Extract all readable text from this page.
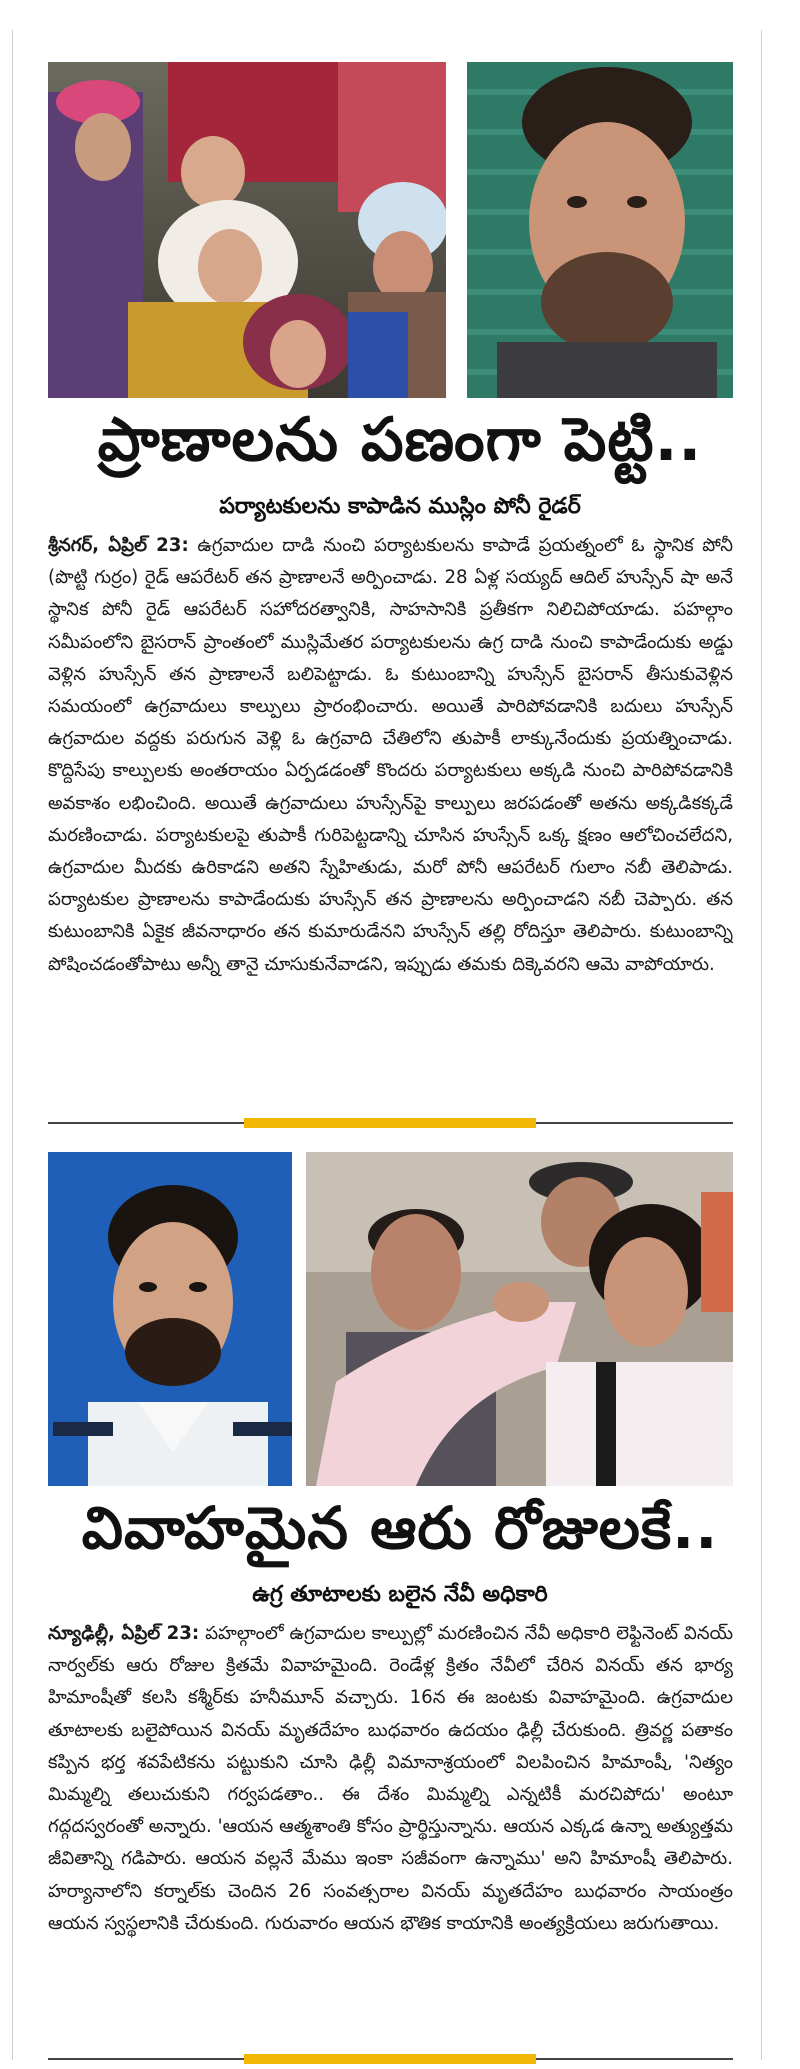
ప్రాణాలను పణంగా పెట్టి..
పర్యాటకులను కాపాడిన ముస్లిం పోనీ రైడర్
శ్రీనగర్, ఏప్రిల్ 23: ఉగ్రవాదుల దాడి నుంచి పర్యాటకులను కాపాడే ప్రయత్నంలో ఓ స్థానిక పోనీ (పొట్టి గుర్రం) రైడ్ ఆపరేటర్ తన ప్రాణాలనే అర్పించాడు. 28 ఏళ్ల సయ్యద్ ఆదిల్ హుస్సేన్ షా అనే స్థానిక పోనీ రైడ్ ఆపరేటర్ సహోదరత్వానికి, సాహసానికి ప్రతీకగా నిలిచిపోయాడు. పహల్గాం సమీపంలోని బైసరాన్ ప్రాంతంలో ముస్లిమేతర పర్యాటకులను ఉగ్ర దాడి నుంచి కాపాడేందుకు అడ్డు వెళ్లిన హుస్సేన్ తన ప్రాణాలనే బలిపెట్టాడు. ఓ కుటుంబాన్ని హుస్సేన్ బైసరాన్ తీసుకువెళ్లిన సమయంలో ఉగ్రవాదులు కాల్పులు ప్రారంభించారు. అయితే పారిపోవడానికి బదులు హుస్సేన్ ఉగ్రవాదుల వద్దకు పరుగున వెళ్లి ఓ ఉగ్రవాది చేతిలోని తుపాకీ లాక్కునేందుకు ప్రయత్నించాడు. కొద్దిసేపు కాల్పులకు అంతరాయం ఏర్పడడంతో కొందరు పర్యాటకులు అక్కడి నుంచి పారిపోవడానికి అవకాశం లభించింది. అయితే ఉగ్రవాదులు హుస్సేన్‌పై కాల్పులు జరపడంతో అతను అక్కడికక్కడే మరణించాడు. పర్యాటకులపై తుపాకీ గురిపెట్టడాన్ని చూసిన హుస్సేన్ ఒక్క క్షణం ఆలోచించలేదని, ఉగ్రవాదుల మీదకు ఉరికాడని అతని స్నేహితుడు, మరో పోనీ ఆపరేటర్ గులాం నబీ తెలిపాడు. పర్యాటకుల ప్రాణాలను కాపాడేందుకు హుస్సేన్ తన ప్రాణాలను అర్పించాడని నబీ చెప్పారు. తన కుటుంబానికి ఏకైక జీవనాధారం తన కుమారుడేనని హుస్సేన్ తల్లి రోదిస్తూ తెలిపారు. కుటుంబాన్ని పోషించడంతోపాటు అన్నీ తానై చూసుకునేవాడని, ఇప్పుడు తమకు దిక్కెవరని ఆమె వాపోయారు.
వివాహమైన ఆరు రోజులకే..
ఉగ్ర తూటాలకు బలైన నేవీ అధికారి
న్యూఢిల్లీ, ఏప్రిల్ 23: పహల్గాంలో ఉగ్రవాదుల కాల్పుల్లో మరణించిన నేవీ అధికారి లెఫ్టినెంట్ వినయ్ నార్వల్‌కు ఆరు రోజుల క్రితమే వివాహమైంది. రెండేళ్ల క్రితం నేవీలో చేరిన వినయ్ తన భార్య హిమాంషీతో కలసి కశ్మీర్‌కు హనీమూన్ వచ్చారు. 16న ఈ జంటకు వివాహమైంది. ఉగ్రవాదుల తూటాలకు బలైపోయిన వినయ్ మృతదేహం బుధవారం ఉదయం ఢిల్లీ చేరుకుంది. త్రివర్ణ పతాకం కప్పిన భర్త శవపేటికను పట్టుకుని చూసి ఢిల్లీ విమానాశ్రయంలో విలపించిన హిమాంషీ, 'నిత్యం మిమ్మల్ని తలుచుకుని గర్వపడతాం.. ఈ దేశం మిమ్మల్ని ఎన్నటికీ మరచిపోదు' అంటూ గద్గదస్వరంతో అన్నారు. 'ఆయన ఆత్మశాంతి కోసం ప్రార్థిస్తున్నాను. ఆయన ఎక్కడ ఉన్నా అత్యుత్తమ జీవితాన్ని గడిపారు. ఆయన వల్లనే మేము ఇంకా సజీవంగా ఉన్నాము' అని హిమాంషీ తెలిపారు. హర్యానాలోని కర్నాల్‌కు చెందిన 26 సంవత్సరాల వినయ్ మృతదేహం బుధవారం సాయంత్రం ఆయన స్వస్థలానికి చేరుకుంది. గురువారం ఆయన భౌతిక కాయానికి అంత్యక్రియలు జరుగుతాయి.
